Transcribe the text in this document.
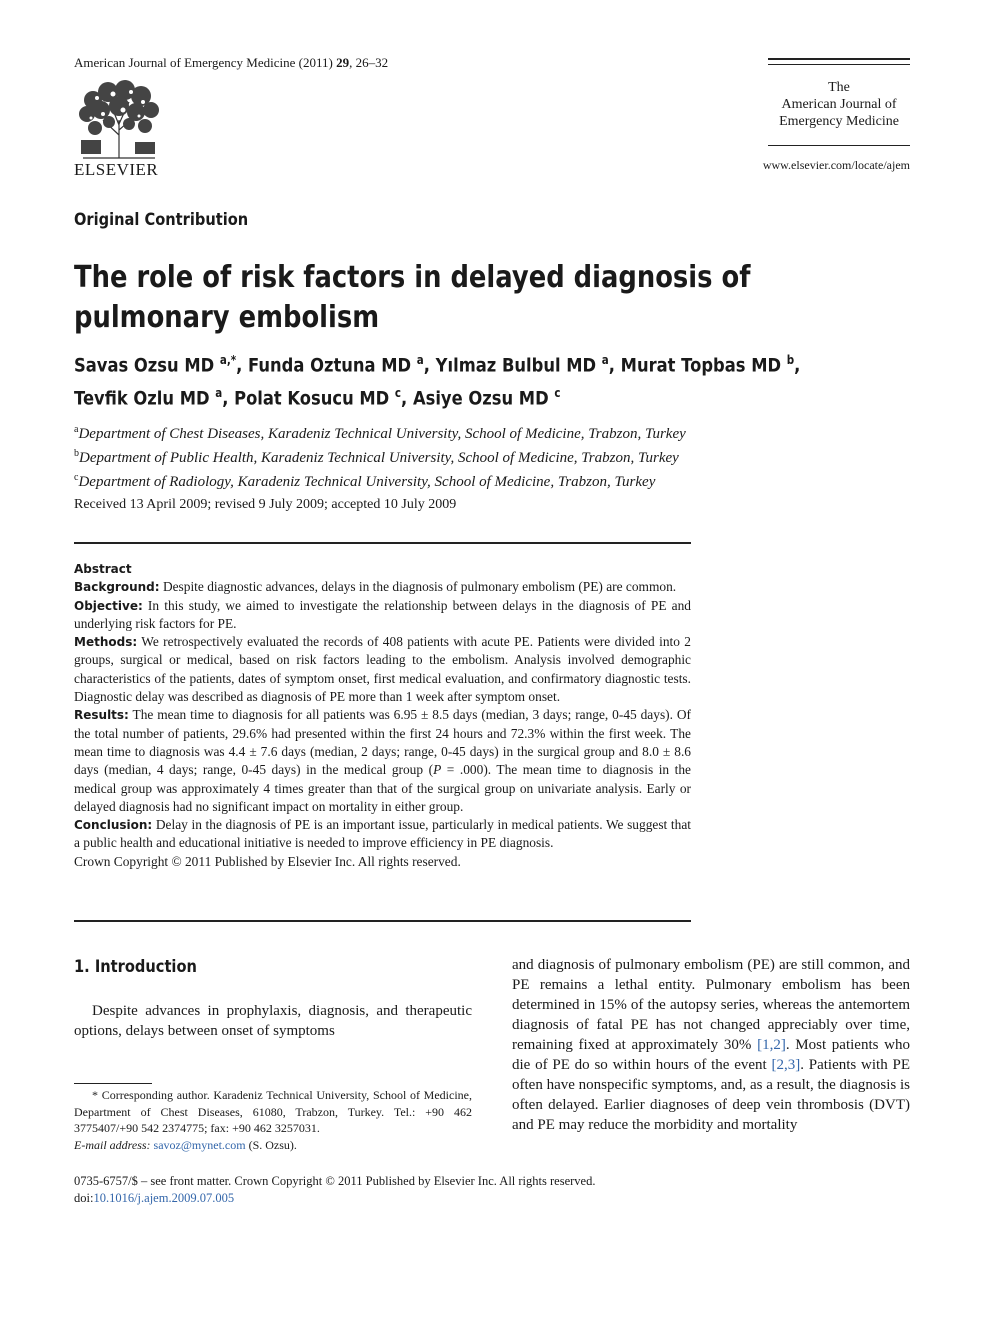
American Journal of Emergency Medicine (2011) 29, 26–32
ELSEVIER
The
American Journal of
Emergency Medicine
www.elsevier.com/locate/ajem
Original Contribution
The role of risk factors in delayed diagnosis of pulmonary embolism
Savas Ozsu MD $^{a,*}$, Funda Oztuna MD $^a$, Yılmaz Bulbul MD $^a$, Murat Topbas MD $^b$,
Tevfik Ozlu MD $^a$, Polat Kosucu MD $^c$, Asiye Ozsu MD $^c$
$^a$Department of Chest Diseases, Karadeniz Technical University, School of Medicine, Trabzon, Turkey
$^b$Department of Public Health, Karadeniz Technical University, School of Medicine, Trabzon, Turkey
$^c$Department of Radiology, Karadeniz Technical University, School of Medicine, Trabzon, Turkey
Received 13 April 2009; revised 9 July 2009; accepted 10 July 2009

Abstract

Background: Despite diagnostic advances, delays in the diagnosis of pulmonary embolism (PE) are common.

Objective: In this study, we aimed to investigate the relationship between delays in the diagnosis of PE and underlying risk factors for PE.

Methods: We retrospectively evaluated the records of 408 patients with acute PE. Patients were divided into 2 groups, surgical or medical, based on risk factors leading to the embolism. Analysis involved demographic characteristics of the patients, dates of symptom onset, first medical evaluation, and confirmatory diagnostic tests. Diagnostic delay was described as diagnosis of PE more than 1 week after symptom onset.

Results: The mean time to diagnosis for all patients was 6.95 ± 8.5 days (median, 3 days; range, 0-45 days). Of the total number of patients, 29.6% had presented within the first 24 hours and 72.3% within the first week. The mean time to diagnosis was 4.4 ± 7.6 days (median, 2 days; range, 0-45 days) in the surgical group and 8.0 ± 8.6 days (median, 4 days; range, 0-45 days) in the medical group (P = .000). The mean time to diagnosis in the medical group was approximately 4 times greater than that of the surgical group on univariate analysis. Early or delayed diagnosis had no significant impact on mortality in either group.

Conclusion: Delay in the diagnosis of PE is an important issue, particularly in medical patients. We suggest that a public health and educational initiative is needed to improve efficiency in PE diagnosis.

Crown Copyright © 2011 Published by Elsevier Inc. All rights reserved.

1. Introduction
Despite advances in prophylaxis, diagnosis, and therapeutic options, delays between onset of symptoms
and diagnosis of pulmonary embolism (PE) are still common, and PE remains a lethal entity. Pulmonary embolism has been determined in 15% of the autopsy series, whereas the antemortem diagnosis of fatal PE has not changed appreciably over time, remaining fixed at approximately 30% [1,2]. Most patients who die of PE do so within hours of the event [2,3]. Patients with PE often have nonspecific symptoms, and, as a result, the diagnosis is often delayed. Earlier diagnoses of deep vein thrombosis (DVT) and PE may reduce the morbidity and mortality
* Corresponding author. Karadeniz Technical University, School of Medicine, Department of Chest Diseases, 61080, Trabzon, Turkey. Tel.: +90 462 3775407/+90 542 2374775; fax: +90 462 3257031.
E-mail address: savoz@mynet.com (S. Ozsu).
0735-6757/$ – see front matter. Crown Copyright © 2011 Published by Elsevier Inc. All rights reserved.
doi:10.1016/j.ajem.2009.07.005
